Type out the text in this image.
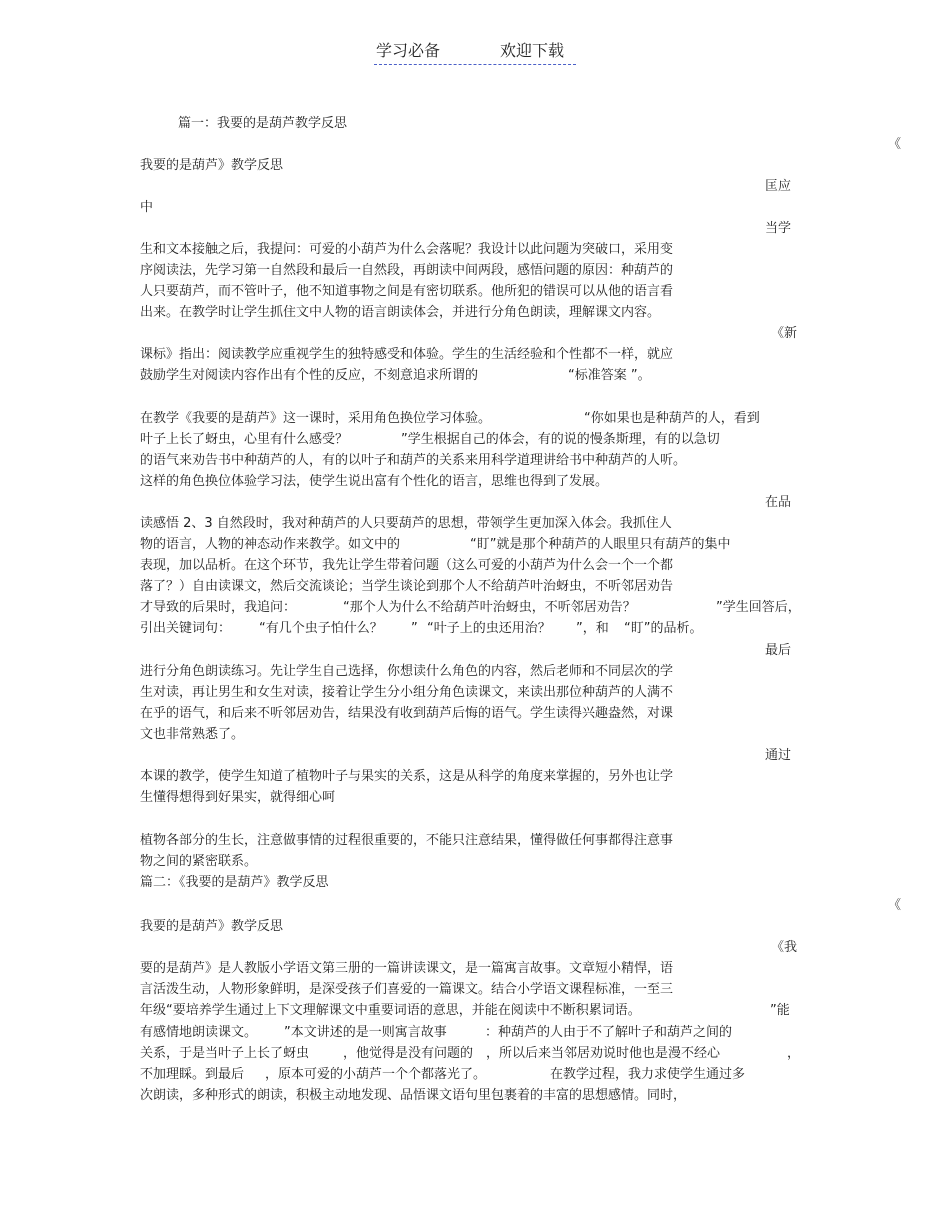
学习必备	欢迎下载
篇一：我要的是葫芦教学反思
《
我要的是葫芦》教学反思
匡应
中
当学
生和文本接触之后，我提问：可爱的小葫芦为什么会落呢？我设计以此问题为突破口，采用变
序阅读法，先学习第一自然段和最后一自然段，再朗读中间两段，感悟问题的原因：种葫芦的
人只要葫芦，而不管叶子，他不知道事物之间是有密切联系。他所犯的错误可以从他的语言看
出来。在教学时让学生抓住文中人物的语言朗读体会，并进行分角色朗读，理解课文内容。
《新
课标》指出：阅读教学应重视学生的独特感受和体验。学生的生活经验和个性都不一样，就应
鼓励学生对阅读内容作出有个性的反应，不刻意追求所谓的	“标准答案 ”。
在教学《我要的是葫芦》这一课时，采用角色换位学习体验。	“你如果也是种葫芦的人，看到
叶子上长了蚜虫，心里有什么感受？	”学生根据自己的体会，有的说的慢条斯理，有的以急切
的语气来劝告书中种葫芦的人，有的以叶子和葫芦的关系来用科学道理讲给书中种葫芦的人听。
这样的角色换位体验学习法，使学生说出富有个性化的语言，思维也得到了发展。
在品
读感悟 2、3 自然段时，我对种葫芦的人只要葫芦的思想，带领学生更加深入体会。我抓住人
物的语言，人物的神态动作来教学。如文中的	“盯”就是那个种葫芦的人眼里只有葫芦的集中
表现，加以品析。在这个环节，我先让学生带着问题（这么可爱的小葫芦为什么会一个一个都
落了？）自由读课文，然后交流谈论；当学生谈论到那个人不给葫芦叶治蚜虫，不听邻居劝告
才导致的后果时，我追问：	“那个人为什么不给葫芦叶治蚜虫，不听邻居劝告？	”学生回答后，
引出关键词句： “有几个虫子怕什么？ ” “叶子上的虫还用治？ ”，和 “盯”的品析。
最后
进行分角色朗读练习。先让学生自己选择，你想读什么角色的内容，然后老师和不同层次的学
生对读，再让男生和女生对读，接着让学生分小组分角色读课文，来读出那位种葫芦的人满不
在乎的语气，和后来不听邻居劝告，结果没有收到葫芦后悔的语气。学生读得兴趣盎然，对课
文也非常熟悉了。
通过
本课的教学，使学生知道了植物叶子与果实的关系，这是从科学的角度来掌握的，另外也让学
生懂得想得到好果实，就得细心呵
植物各部分的生长，注意做事情的过程很重要的，不能只注意结果，懂得做任何事都得注意事
物之间的紧密联系。
篇二：《我要的是葫芦》教学反思
《
我要的是葫芦》教学反思
《我
要的是葫芦》是人教版小学语文第三册的一篇讲读课文，是一篇寓言故事。文章短小精悍，语
言活泼生动，人物形象鲜明，是深受孩子们喜爱的一篇课文。结合小学语文课程标准，一至三
年级“要培养学生通过上下文理解课文中重要词语的意思，并能在阅读中不断积累词语。	”能
有感情地朗读课文。 ”本文讲述的是一则寓言故事	：种葫芦的人由于不了解叶子和葫芦之间的
关系，于是当叶子上长了蚜虫	，他觉得是没有问题的 ，所以后来当邻居劝说时他也是漫不经心	，
不加理睬。到最后 ，原本可爱的小葫芦一个个都落光了。	在教学过程，我力求使学生通过多
次朗读，多种形式的朗读，积极主动地发现、品悟课文语句里包裹着的丰富的思想感情。同时，
